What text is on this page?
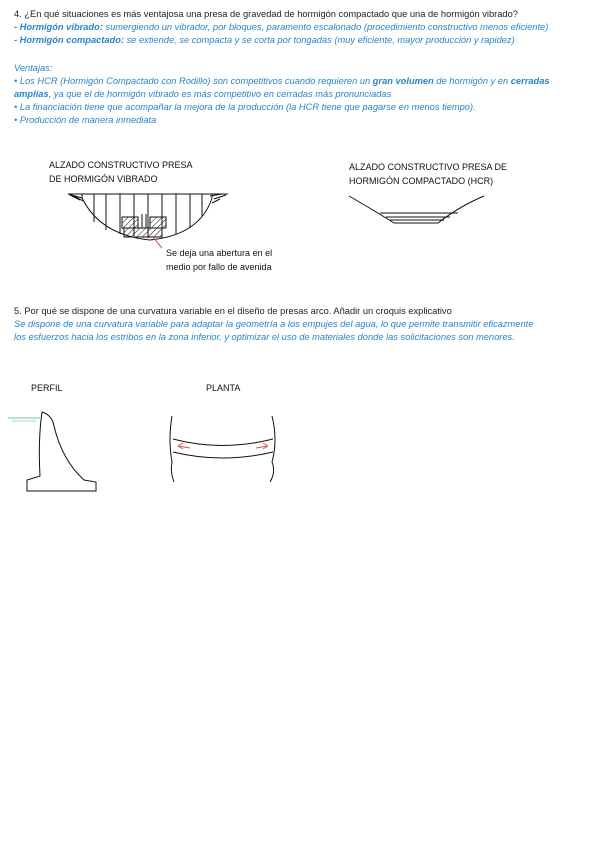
4. ¿En qué situaciones es más ventajosa una presa de gravedad de hormigón compactado que una de hormigón vibrado?
- Hormigón vibrado: sumergiendo un vibrador, por bloques, paramento escalonado (procedimiento constructivo menos eficiente)
- Hormigón compactado: se extiende, se compacta y se corta por tongadas (muy eficiente, mayor producción y rapidez)
Ventajas:
• Los HCR (Hormigón Compactado con Rodillo) son competitivos cuando requieren un gran volumen de hormigón y en cerradas
amplias, ya que el de hormigón vibrado es más competitivo en cerradas más pronunciadas
• La financiación tiene que acompañar la mejora de la producción (la HCR tiene que pagarse en menos tiempo).
• Producción de manera inmediata
ALZADO CONSTRUCTIVO PRESA
DE HORMIGÓN VIBRADO
Se deja una abertura en el
medio por fallo de avenida
ALZADO CONSTRUCTIVO PRESA DE
HORMIGÓN COMPACTADO (HCR)
5. Por qué se dispone de una curvatura variable en el diseño de presas arco. Añadir un croquis explicativo
Se dispone de una curvatura variable para adaptar la geometría a los empujes del agua, lo que permite transmitir eficazmente
los esfuerzos hacia los estribos en la zona inferior, y optimizar el uso de materiales donde las solicitaciones son menores.
PERFIL	PLANTA
